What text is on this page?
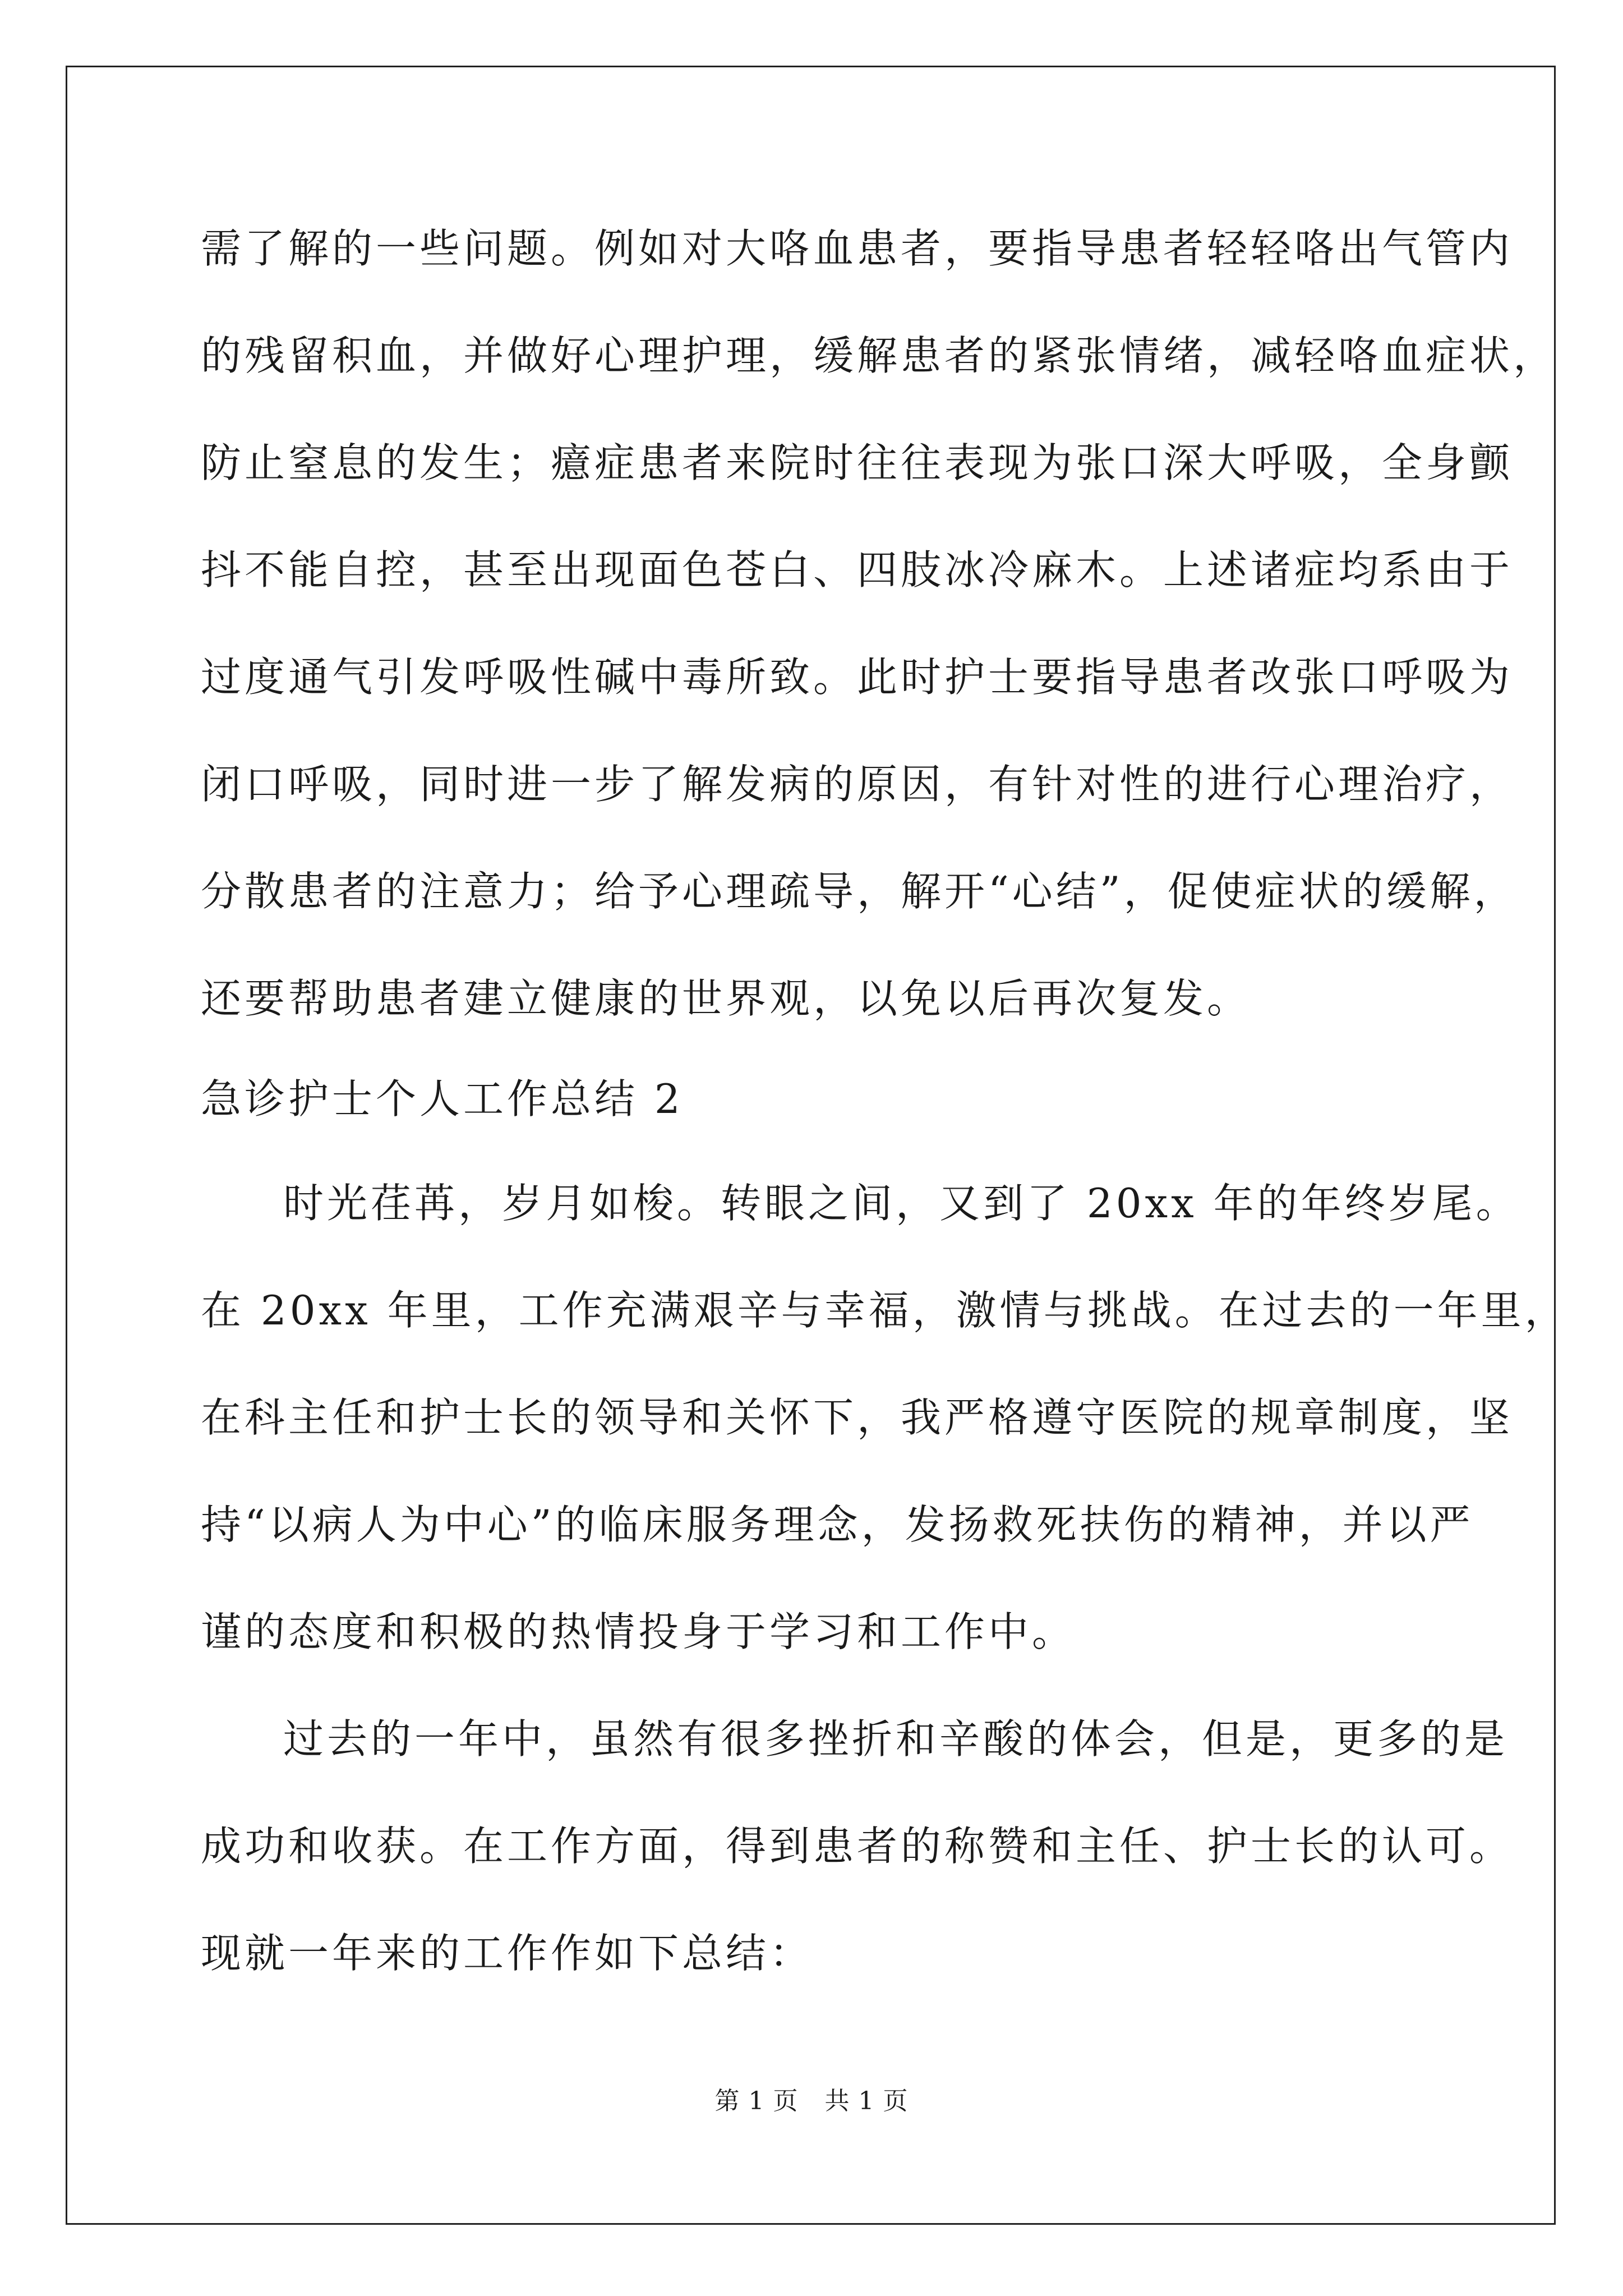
需了解的一些问题。例如对大咯血患者，要指导患者轻轻咯出气管内
的残留积血，并做好心理护理，缓解患者的紧张情绪，减轻咯血症状，
防止窒息的发生；癔症患者来院时往往表现为张口深大呼吸，全身颤
抖不能自控，甚至出现面色苍白、四肢冰冷麻木。上述诸症均系由于
过度通气引发呼吸性碱中毒所致。此时护士要指导患者改张口呼吸为
闭口呼吸，同时进一步了解发病的原因，有针对性的进行心理治疗，
分散患者的注意力；给予心理疏导，解开“心结”，促使症状的缓解，
还要帮助患者建立健康的世界观，以免以后再次复发。
急诊护士个人工作总结 2
时光荏苒，岁月如梭。转眼之间，又到了 20xx 年的年终岁尾。
在 20xx 年里，工作充满艰辛与幸福，激情与挑战。在过去的一年里，
在科主任和护士长的领导和关怀下，我严格遵守医院的规章制度，坚
持“以病人为中心”的临床服务理念，发扬救死扶伤的精神，并以严
谨的态度和积极的热情投身于学习和工作中。
过去的一年中，虽然有很多挫折和辛酸的体会，但是，更多的是
成功和收获。在工作方面，得到患者的称赞和主任、护士长的认可。
现就一年来的工作作如下总结：
第 1 页 共 1 页
